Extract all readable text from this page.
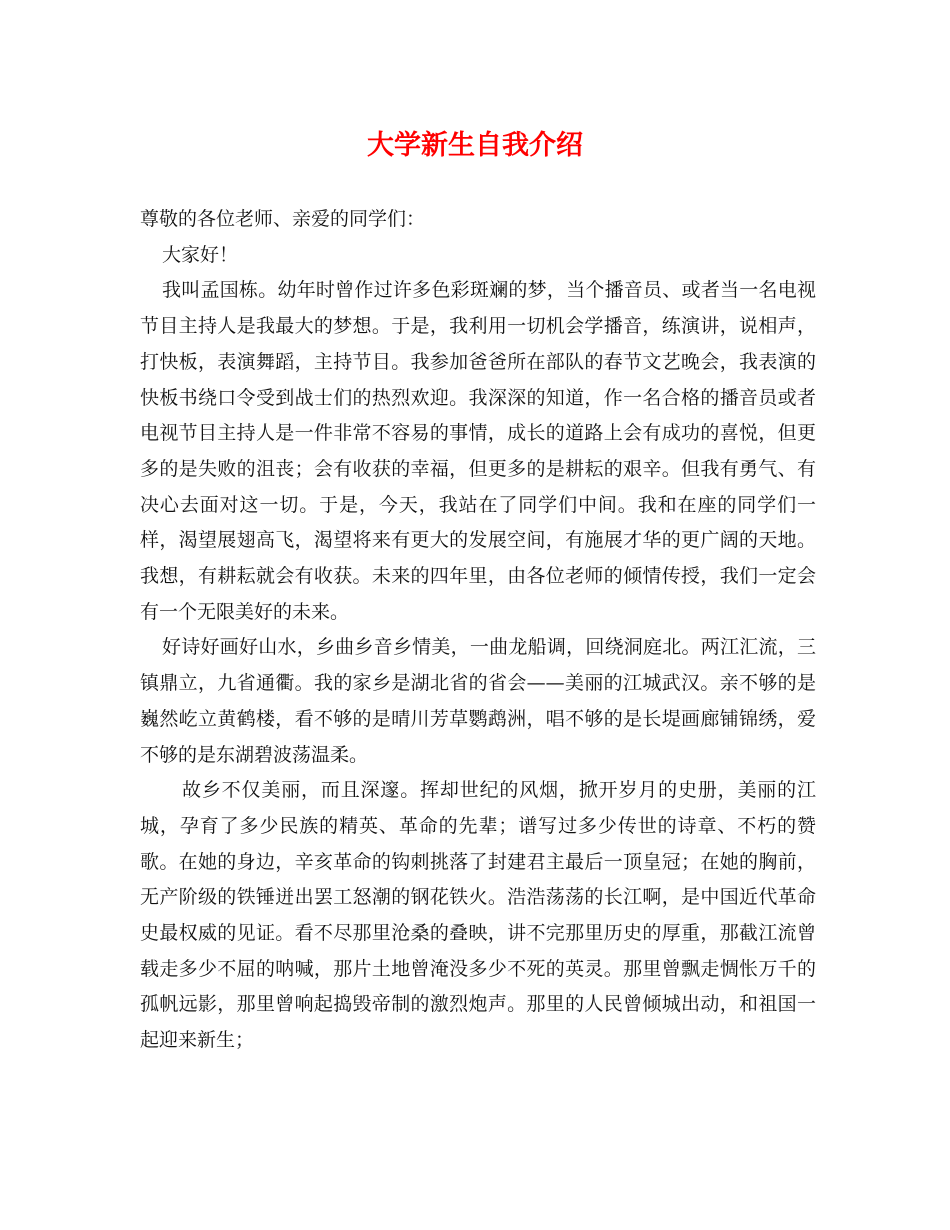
大学新生自我介绍

尊敬的各位老师、亲爱的同学们：

大家好！

我叫孟国栋。幼年时曾作过许多色彩斑斓的梦，当个播音员、或者当一名电视节目主持人是我最大的梦想。于是，我利用一切机会学播音，练演讲，说相声，打快板，表演舞蹈，主持节目。我参加爸爸所在部队的春节文艺晚会，我表演的快板书绕口令受到战士们的热烈欢迎。我深深的知道，作一名合格的播音员或者电视节目主持人是一件非常不容易的事情，成长的道路上会有成功的喜悦，但更多的是失败的沮丧；会有收获的幸福，但更多的是耕耘的艰辛。但我有勇气、有决心去面对这一切。于是，今天，我站在了同学们中间。我和在座的同学们一样，渴望展翅高飞，渴望将来有更大的发展空间，有施展才华的更广阔的天地。我想，有耕耘就会有收获。未来的四年里，由各位老师的倾情传授，我们一定会有一个无限美好的未来。

好诗好画好山水，乡曲乡音乡情美，一曲龙船调，回绕洞庭北。两江汇流，三镇鼎立，九省通衢。我的家乡是湖北省的省会——美丽的江城武汉。亲不够的是巍然屹立黄鹤楼，看不够的是晴川芳草鹦鹉洲，唱不够的是长堤画廊铺锦绣，爱不够的是东湖碧波荡温柔。

故乡不仅美丽，而且深邃。挥却世纪的风烟，掀开岁月的史册，美丽的江城，孕育了多少民族的精英、革命的先辈；谱写过多少传世的诗章、不朽的赞歌。在她的身边，辛亥革命的钩刺挑落了封建君主最后一顶皇冠；在她的胸前，无产阶级的铁锤迸出罢工怒潮的钢花铁火。浩浩荡荡的长江啊，是中国近代革命史最权威的见证。看不尽那里沧桑的叠映，讲不完那里历史的厚重，那截江流曾载走多少不屈的呐喊，那片土地曾淹没多少不死的英灵。那里曾飘走惆怅万千的孤帆远影，那里曾响起捣毁帝制的激烈炮声。那里的人民曾倾城出动，和祖国一起迎来新生；
